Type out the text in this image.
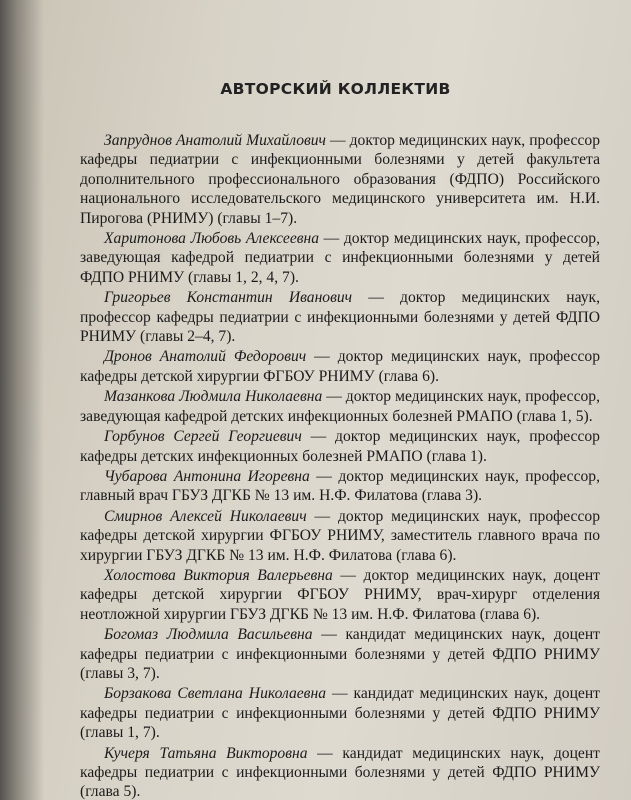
АВТОРСКИЙ КОЛЛЕКТИВ

Запруднов Анатолий Михайлович — доктор медицинских наук, профессор кафедры педиатрии с инфекционными болезнями у детей факультета дополнительного профессионального образования (ФДПО) Российского национального исследовательского медицинского университета им. Н.И. Пирогова (РНИМУ) (главы 1–7).

Харитонова Любовь Алексеевна — доктор медицинских наук, профессор, заведующая кафедрой педиатрии с инфекционными болезнями у детей ФДПО РНИМУ (главы 1, 2, 4, 7).

Григорьев Константин Иванович — доктор медицинских наук, профессор кафедры педиатрии с инфекционными болезнями у детей ФДПО РНИМУ (главы 2–4, 7).

Дронов Анатолий Федорович — доктор медицинских наук, профессор кафедры детской хирургии ФГБОУ РНИМУ (глава 6).

Мазанкова Людмила Николаевна — доктор медицинских наук, профессор, заведующая кафедрой детских инфекционных болезней РМАПО (глава 1, 5).

Горбунов Сергей Георгиевич — доктор медицинских наук, профессор кафедры детских инфекционных болезней РМАПО (глава 1).

Чубарова Антонина Игоревна — доктор медицинских наук, профессор, главный врач ГБУЗ ДГКБ № 13 им. Н.Ф. Филатова (глава 3).

Смирнов Алексей Николаевич — доктор медицинских наук, профессор кафедры детской хирургии ФГБОУ РНИМУ, заместитель главного врача по хирургии ГБУЗ ДГКБ № 13 им. Н.Ф. Филатова (глава 6).

Холостова Виктория Валерьевна — доктор медицинских наук, доцент кафедры детской хирургии ФГБОУ РНИМУ, врач-хирург отделения неотложной хирургии ГБУЗ ДГКБ № 13 им. Н.Ф. Филатова (глава 6).

Богомаз Людмила Васильевна — кандидат медицинских наук, доцент кафедры педиатрии с инфекционными болезнями у детей ФДПО РНИМУ (главы 3, 7).

Борзакова Светлана Николаевна — кандидат медицинских наук, доцент кафедры педиатрии с инфекционными болезнями у детей ФДПО РНИМУ (главы 1, 7).

Кучеря Татьяна Викторовна — кандидат медицинских наук, доцент кафедры педиатрии с инфекционными болезнями у детей ФДПО РНИМУ (глава 5).
